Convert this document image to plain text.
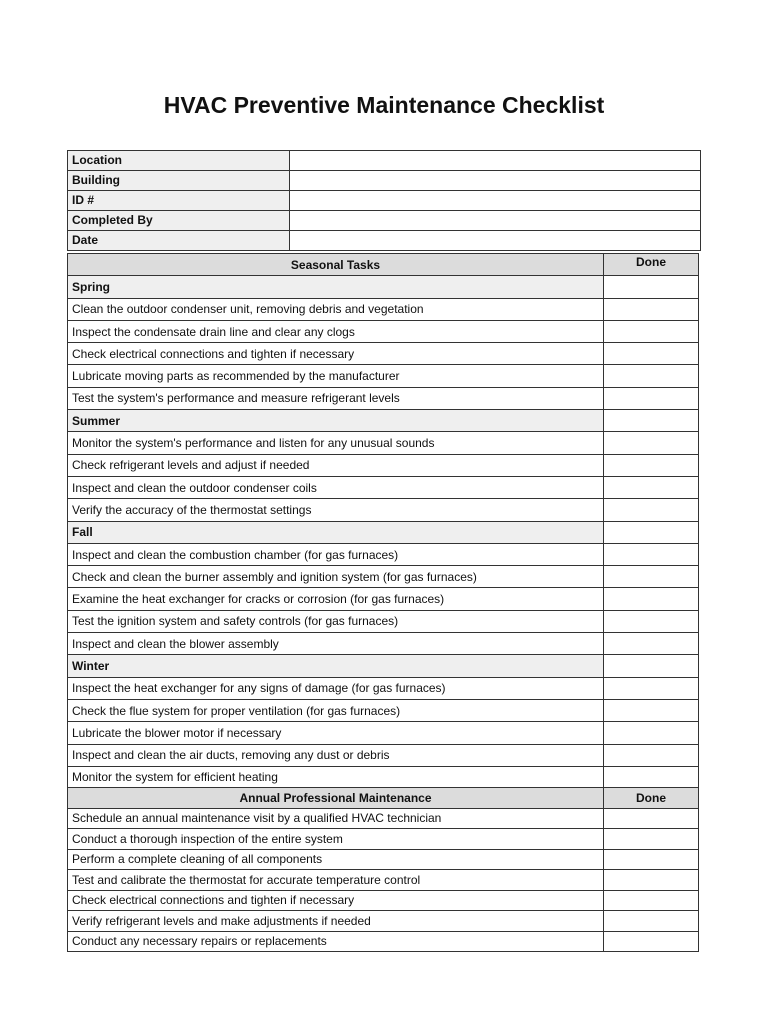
HVAC Preventive Maintenance Checklist
Location	
Building	
ID #	
Completed By	
Date	
Seasonal Tasks	Done
Spring	
Clean the outdoor condenser unit, removing debris and vegetation	
Inspect the condensate drain line and clear any clogs	
Check electrical connections and tighten if necessary	
Lubricate moving parts as recommended by the manufacturer	
Test the system's performance and measure refrigerant levels	
Summer	
Monitor the system's performance and listen for any unusual sounds	
Check refrigerant levels and adjust if needed	
Inspect and clean the outdoor condenser coils	
Verify the accuracy of the thermostat settings	
Fall	
Inspect and clean the combustion chamber (for gas furnaces)	
Check and clean the burner assembly and ignition system (for gas furnaces)	
Examine the heat exchanger for cracks or corrosion (for gas furnaces)	
Test the ignition system and safety controls (for gas furnaces)	
Inspect and clean the blower assembly	
Winter	
Inspect the heat exchanger for any signs of damage (for gas furnaces)	
Check the flue system for proper ventilation (for gas furnaces)	
Lubricate the blower motor if necessary	
Inspect and clean the air ducts, removing any dust or debris	
Monitor the system for efficient heating	
Annual Professional Maintenance	Done
Schedule an annual maintenance visit by a qualified HVAC technician	
Conduct a thorough inspection of the entire system	
Perform a complete cleaning of all components	
Test and calibrate the thermostat for accurate temperature control	
Check electrical connections and tighten if necessary	
Verify refrigerant levels and make adjustments if needed	
Conduct any necessary repairs or replacements	
